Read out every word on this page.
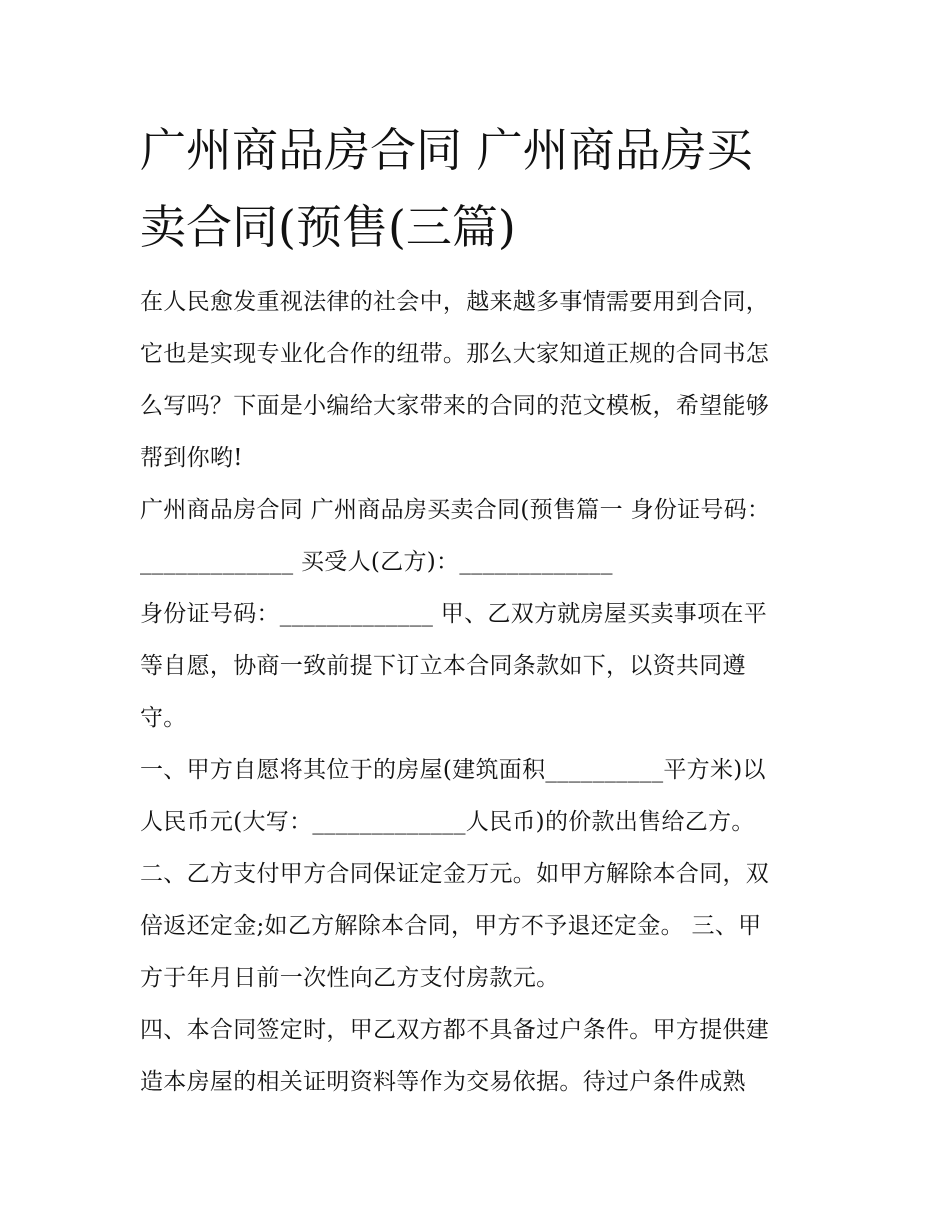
广州商品房合同 广州商品房买
卖合同(预售(三篇)

在人民愈发重视法律的社会中，越来越多事情需要用到合同，
它也是实现专业化合作的纽带。那么大家知道正规的合同书怎
么写吗？下面是小编给大家带来的合同的范文模板，希望能够
帮到你哟!

广州商品房合同 广州商品房买卖合同(预售篇一 身份证号码：
_____________ 买受人(乙方)：_____________

身份证号码：_____________ 甲、乙双方就房屋买卖事项在平
等自愿，协商一致前提下订立本合同条款如下，以资共同遵
守。

一、甲方自愿将其位于的房屋(建筑面积__________平方米)以
人民币元(大写：_____________人民币)的价款出售给乙方。

二、乙方支付甲方合同保证定金万元。如甲方解除本合同，双
倍返还定金;如乙方解除本合同，甲方不予退还定金。 三、甲
方于年月日前一次性向乙方支付房款元。

四、本合同签定时，甲乙双方都不具备过户条件。甲方提供建
造本房屋的相关证明资料等作为交易依据。待过户条件成熟
